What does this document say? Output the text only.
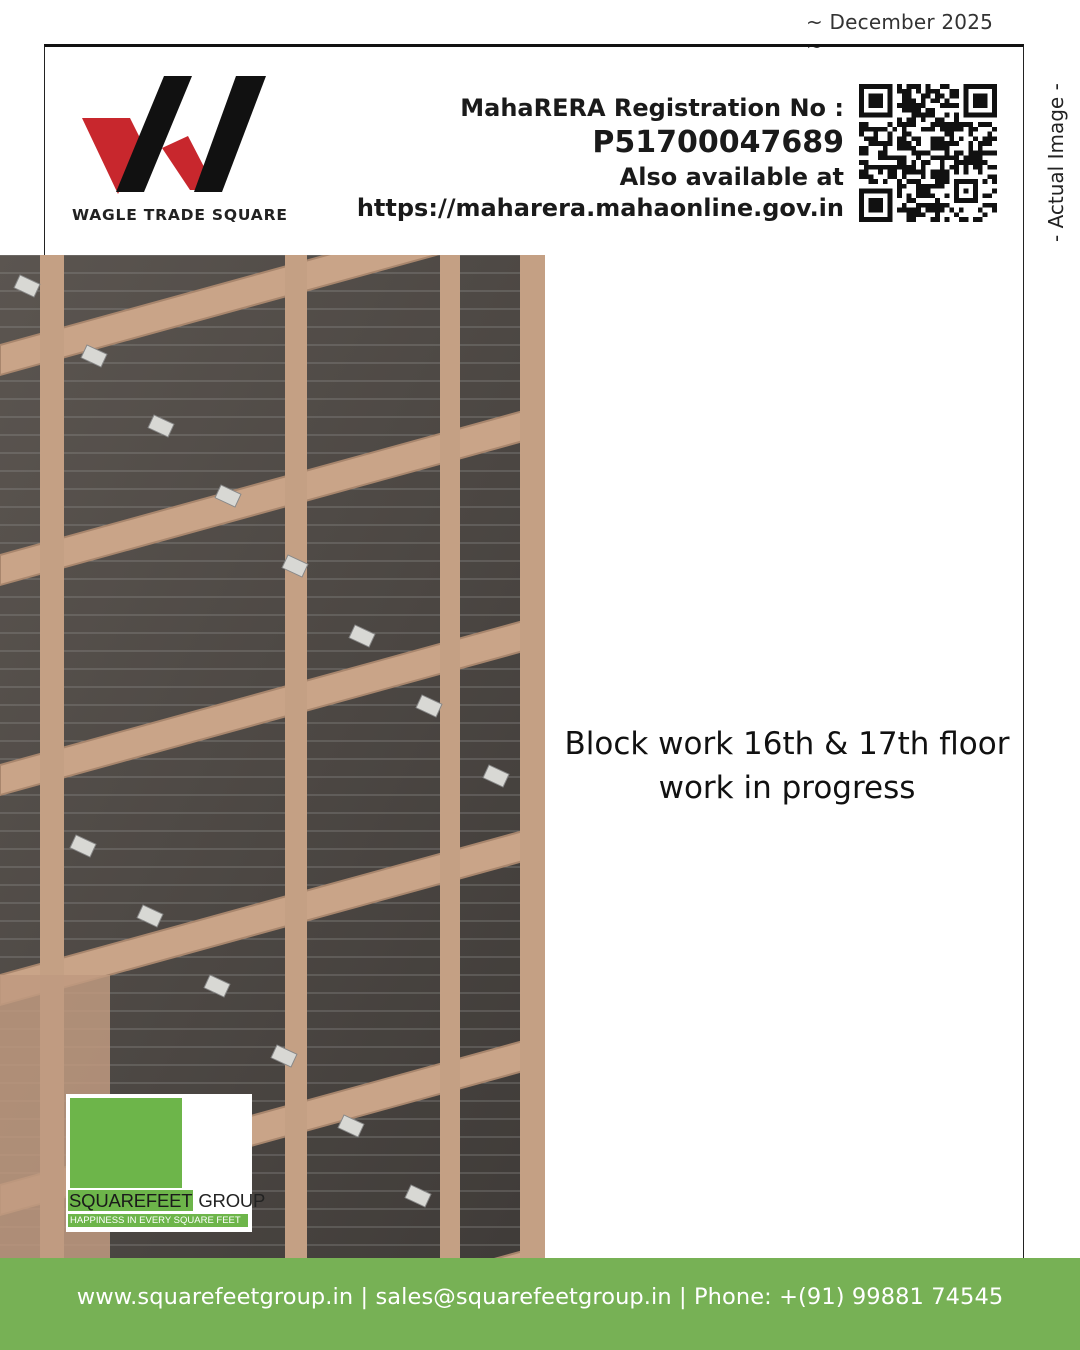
~ December 2025 ~
- Actual Image -
WAGLE TRADE SQUARE
MahaRERA Registration No :
P51700047689
Also available at
https://maharera.mahaonline.gov.in
SQUAREFEET GROUP
HAPPINESS IN EVERY SQUARE FEET
Block work 16th & 17th floor
work in progress
www.squarefeetgroup.in | sales@squarefeetgroup.in | Phone: +(91) 99881 74545
